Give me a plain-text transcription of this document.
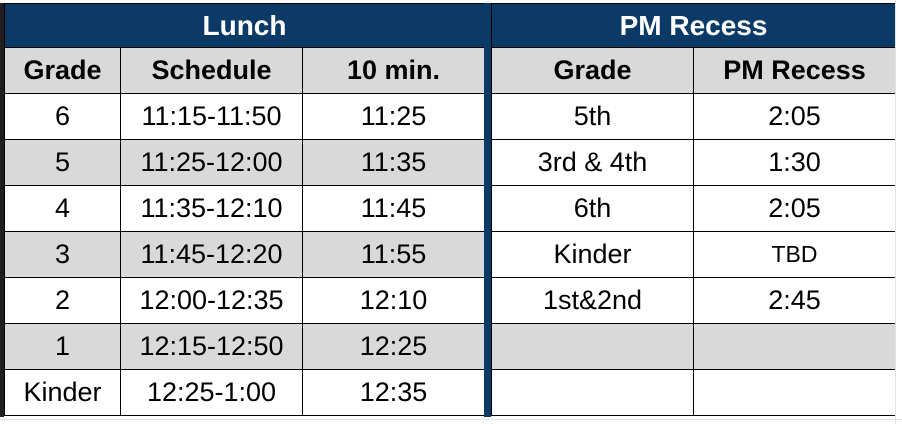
Lunch		
Grade	Schedule	10 min.
6	11:15-11:50	11:25
5	11:25-12:00	11:35
4	11:35-12:10	11:45
3	11:45-12:20	11:55
2	12:00-12:35	12:10
1	12:15-12:50	12:25
Kinder	12:25-1:00	12:35
PM Recess	
Grade	PM Recess
5th	2:05
3rd & 4th	1:30
6th	2:05
Kinder	TBD
1st&2nd	2:45
